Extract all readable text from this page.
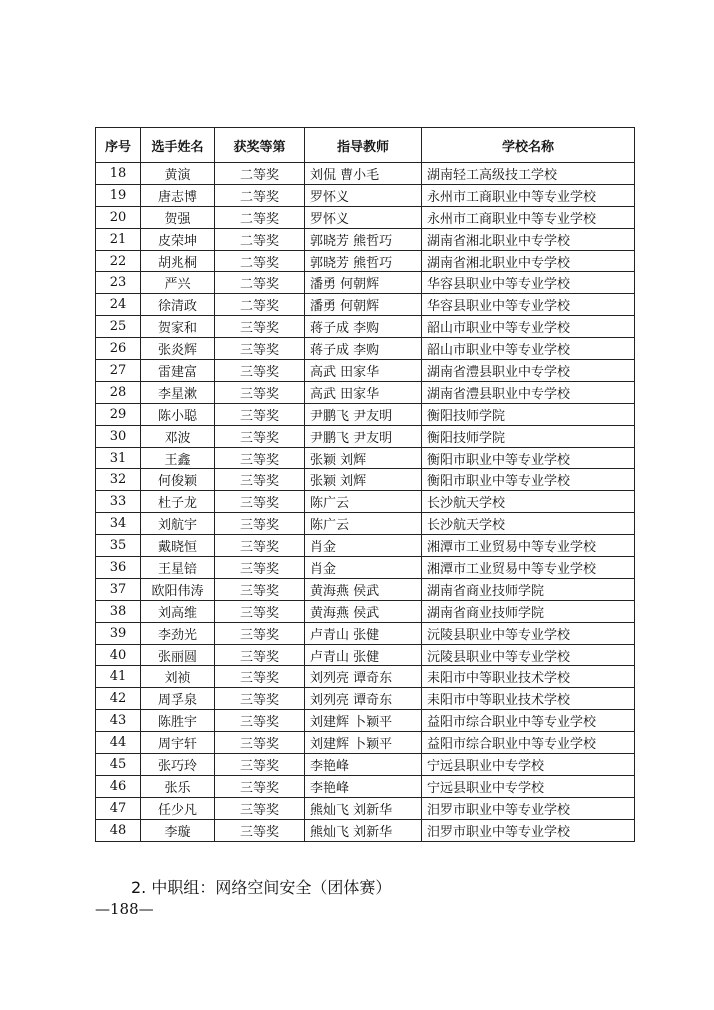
序号	选手姓名	获奖等第	指导教师	学校名称
18	黄演	二等奖	刘侃 曹小毛	湖南轻工高级技工学校
19	唐志博	二等奖	罗怀义	永州市工商职业中等专业学校
20	贺强	二等奖	罗怀义	永州市工商职业中等专业学校
21	皮荣坤	二等奖	郭晓芳 熊哲巧	湖南省湘北职业中专学校
22	胡兆桐	二等奖	郭晓芳 熊哲巧	湖南省湘北职业中专学校
23	严兴	二等奖	潘勇 何朝辉	华容县职业中等专业学校
24	徐清政	二等奖	潘勇 何朝辉	华容县职业中等专业学校
25	贺家和	三等奖	蒋子成 李购	韶山市职业中等专业学校
26	张炎辉	三等奖	蒋子成 李购	韶山市职业中等专业学校
27	雷建富	三等奖	高武 田家华	湖南省澧县职业中专学校
28	李星漱	三等奖	高武 田家华	湖南省澧县职业中专学校
29	陈小聪	三等奖	尹鹏飞 尹友明	衡阳技师学院
30	邓波	三等奖	尹鹏飞 尹友明	衡阳技师学院
31	王鑫	三等奖	张颖 刘辉	衡阳市职业中等专业学校
32	何俊颖	三等奖	张颖 刘辉	衡阳市职业中等专业学校
33	杜子龙	三等奖	陈广云	长沙航天学校
34	刘航宇	三等奖	陈广云	长沙航天学校
35	戴晓恒	三等奖	肖金	湘潭市工业贸易中等专业学校
36	王星锫	三等奖	肖金	湘潭市工业贸易中等专业学校
37	欧阳伟涛	三等奖	黄海燕 侯武	湖南省商业技师学院
38	刘高维	三等奖	黄海燕 侯武	湖南省商业技师学院
39	李劲光	三等奖	卢青山 张健	沅陵县职业中等专业学校
40	张丽圆	三等奖	卢青山 张健	沅陵县职业中等专业学校
41	刘祯	三等奖	刘列亮 谭奇东	耒阳市中等职业技术学校
42	周孚泉	三等奖	刘列亮 谭奇东	耒阳市中等职业技术学校
43	陈胜宇	三等奖	刘建辉 卜颖平	益阳市综合职业中等专业学校
44	周宇轩	三等奖	刘建辉 卜颖平	益阳市综合职业中等专业学校
45	张巧玲	三等奖	李艳峰	宁远县职业中专学校
46	张乐	三等奖	李艳峰	宁远县职业中专学校
47	任少凡	三等奖	熊灿飞 刘新华	汨罗市职业中等专业学校
48	李璇	三等奖	熊灿飞 刘新华	汨罗市职业中等专业学校
2. 中职组：网络空间安全（团体赛）
—188—
